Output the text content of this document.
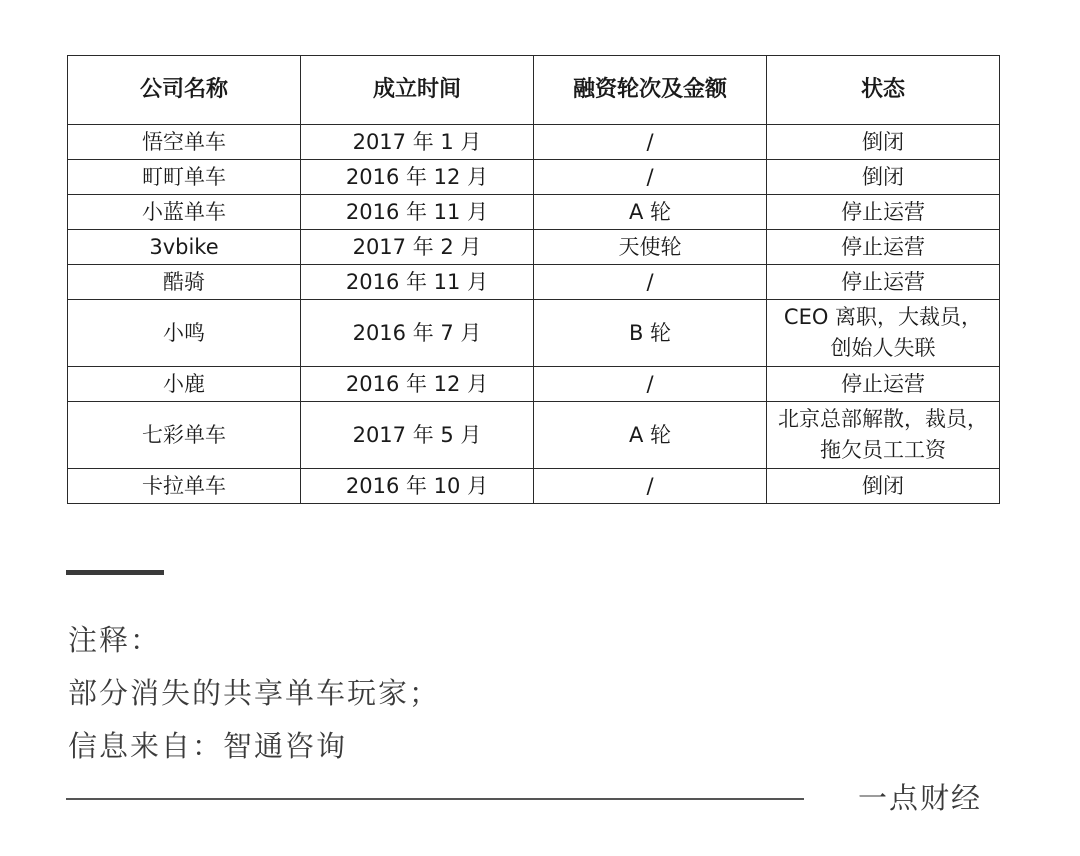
公司名称	成立时间	融资轮次及金额	状态
悟空单车	2017 年 1 月	/	倒闭
町町单车	2016 年 12 月	/	倒闭
小蓝单车	2016 年 11 月	A 轮	停止运营
3vbike	2017 年 2 月	天使轮	停止运营
酷骑	2016 年 11 月	/	停止运营
小鸣	2016 年 7 月	B 轮	CEO 离职，大裁员，
创始人失联
小鹿	2016 年 12 月	/	停止运营
七彩单车	2017 年 5 月	A 轮	北京总部解散，裁员，
拖欠员工工资
卡拉单车	2016 年 10 月	/	倒闭
注释：
部分消失的共享单车玩家；
信息来自：智通咨询
一点财经
